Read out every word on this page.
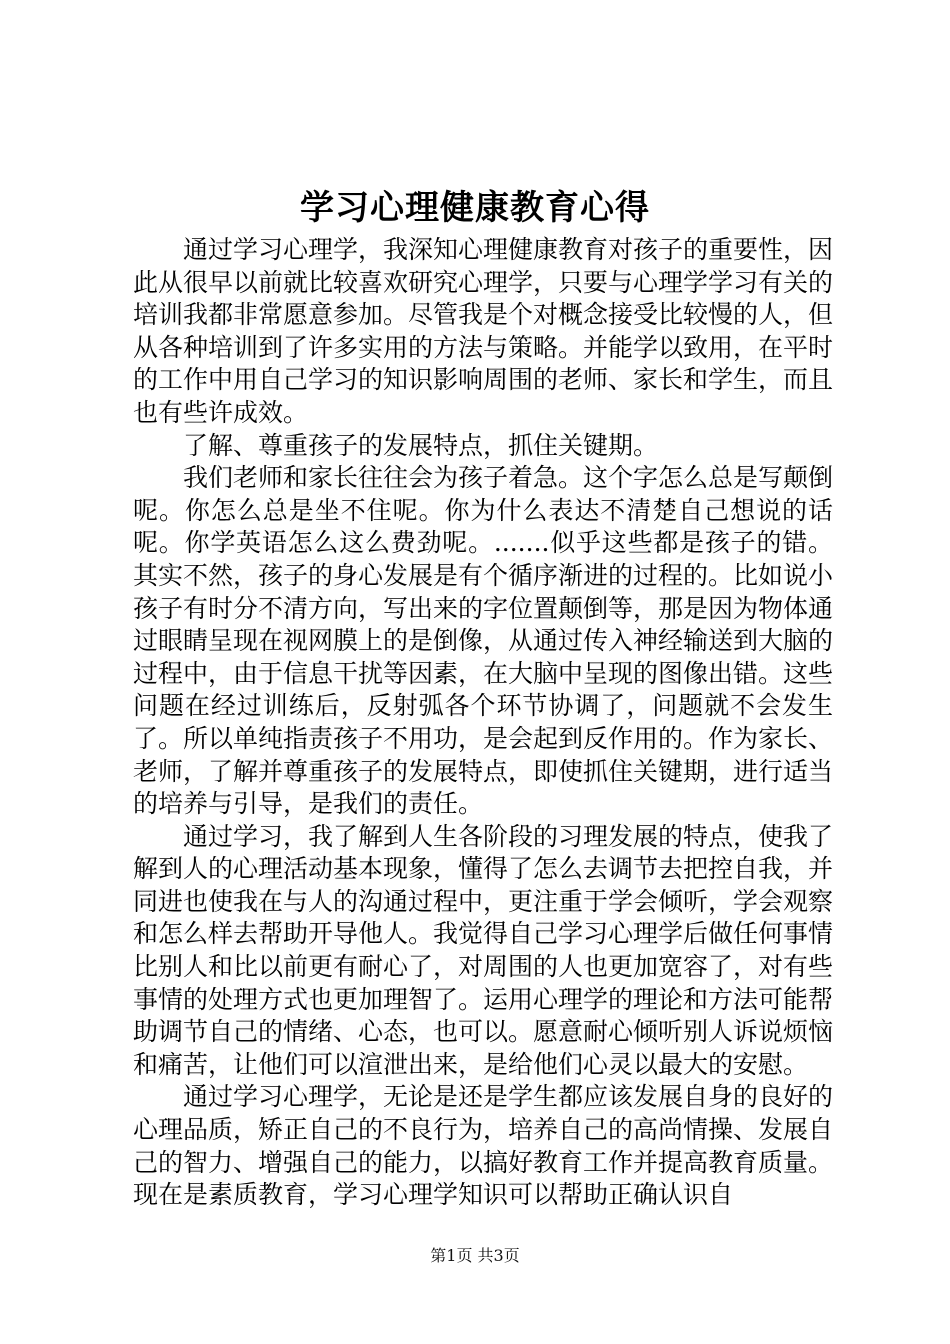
学习心理健康教育心得

通过学习心理学，我深知心理健康教育对孩子的重要性，因此从很早以前就比较喜欢研究心理学，只要与心理学学习有关的培训我都非常愿意参加。尽管我是个对概念接受比较慢的人，但从各种培训到了许多实用的方法与策略。并能学以致用，在平时的工作中用自己学习的知识影响周围的老师、家长和学生，而且也有些许成效。

了解、尊重孩子的发展特点，抓住关键期。

我们老师和家长往往会为孩子着急。这个字怎么总是写颠倒呢。你怎么总是坐不住呢。你为什么表达不清楚自己想说的话呢。你学英语怎么这么费劲呢。.......似乎这些都是孩子的错。其实不然，孩子的身心发展是有个循序渐进的过程的。比如说小孩子有时分不清方向，写出来的字位置颠倒等，那是因为物体通过眼睛呈现在视网膜上的是倒像，从通过传入神经输送到大脑的过程中，由于信息干扰等因素，在大脑中呈现的图像出错。这些问题在经过训练后，反射弧各个环节协调了，问题就不会发生了。所以单纯指责孩子不用功，是会起到反作用的。作为家长、老师，了解并尊重孩子的发展特点，即使抓住关键期，进行适当的培养与引导，是我们的责任。

通过学习，我了解到人生各阶段的习理发展的特点，使我了解到人的心理活动基本现象，懂得了怎么去调节去把控自我，并同进也使我在与人的沟通过程中，更注重于学会倾听，学会观察和怎么样去帮助开导他人。我觉得自己学习心理学后做任何事情比别人和比以前更有耐心了，对周围的人也更加宽容了，对有些事情的处理方式也更加理智了。运用心理学的理论和方法可能帮助调节自己的情绪、心态，也可以。愿意耐心倾听别人诉说烦恼和痛苦，让他们可以渲泄出来，是给他们心灵以最大的安慰。

通过学习心理学，无论是还是学生都应该发展自身的良好的心理品质，矫正自己的不良行为，培养自己的高尚情操、发展自己的智力、增强自己的能力，以搞好教育工作并提高教育质量。现在是素质教育，学习心理学知识可以帮助正确认识自

第1页 共3页
